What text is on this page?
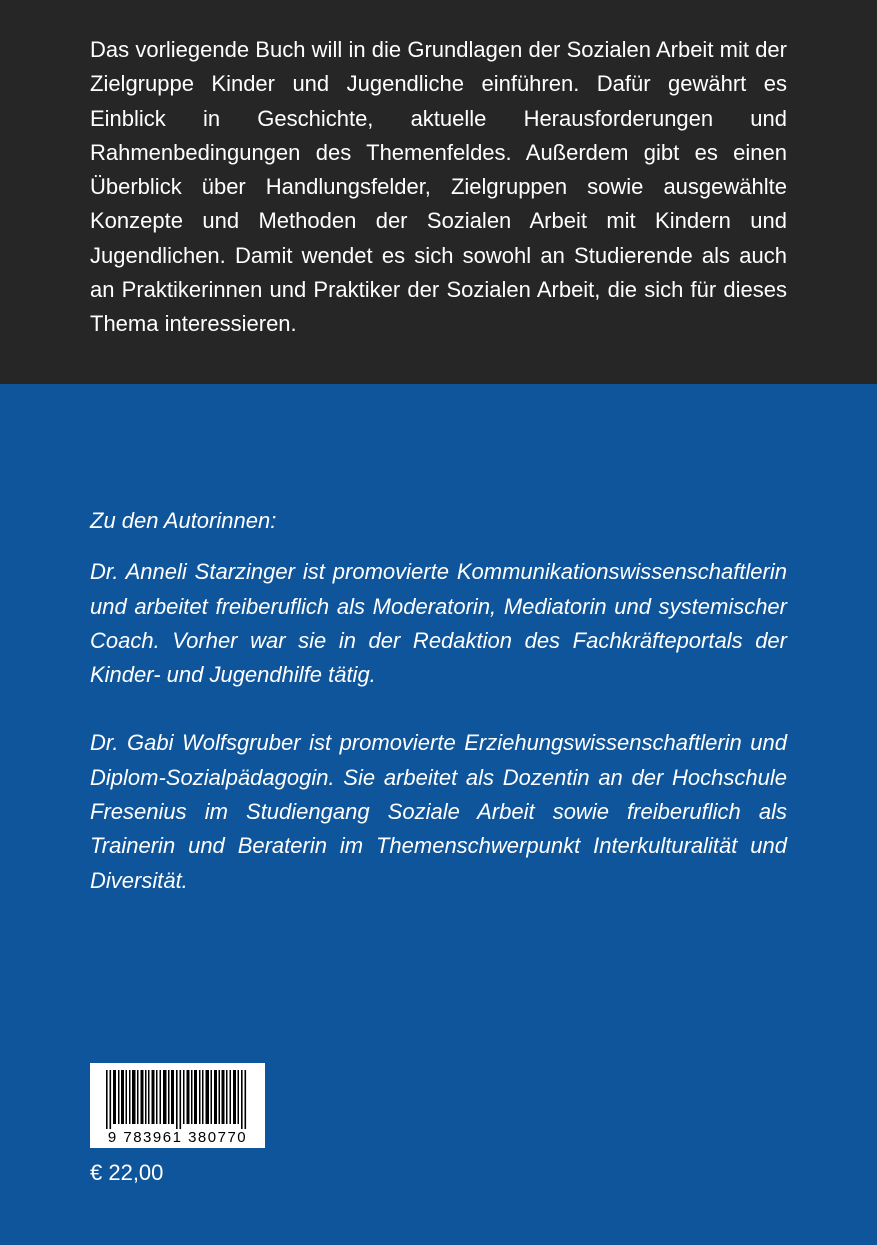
Das vorliegende Buch will in die Grundlagen der Sozialen Arbeit mit der Zielgruppe Kinder und Jugendliche einführen. Dafür gewährt es Einblick in Geschichte, aktuelle Herausforderungen und Rahmenbedingungen des Themenfeldes. Außerdem gibt es einen Überblick über Handlungsfelder, Zielgruppen sowie ausgewählte Konzepte und Methoden der Sozialen Arbeit mit Kindern und Jugendlichen. Damit wendet es sich sowohl an Studierende als auch an Praktikerinnen und Praktiker der Sozialen Arbeit, die sich für dieses Thema interessieren.

Zu den Autorinnen:

Dr. Anneli Starzinger ist promovierte Kommunikationswissenschaftlerin und arbeitet freiberuflich als Moderatorin, Mediatorin und systemischer Coach. Vorher war sie in der Redaktion des Fachkräfteportals der Kinder- und Jugendhilfe tätig.

Dr. Gabi Wolfsgruber ist promovierte Erziehungswissenschaftlerin und Diplom-Sozialpädagogin. Sie arbeitet als Dozentin an der Hochschule Fresenius im Studiengang Soziale Arbeit sowie freiberuflich als Trainerin und Beraterin im Themenschwerpunkt Interkulturalität und Diversität.

9 783961 380770
€ 22,00
